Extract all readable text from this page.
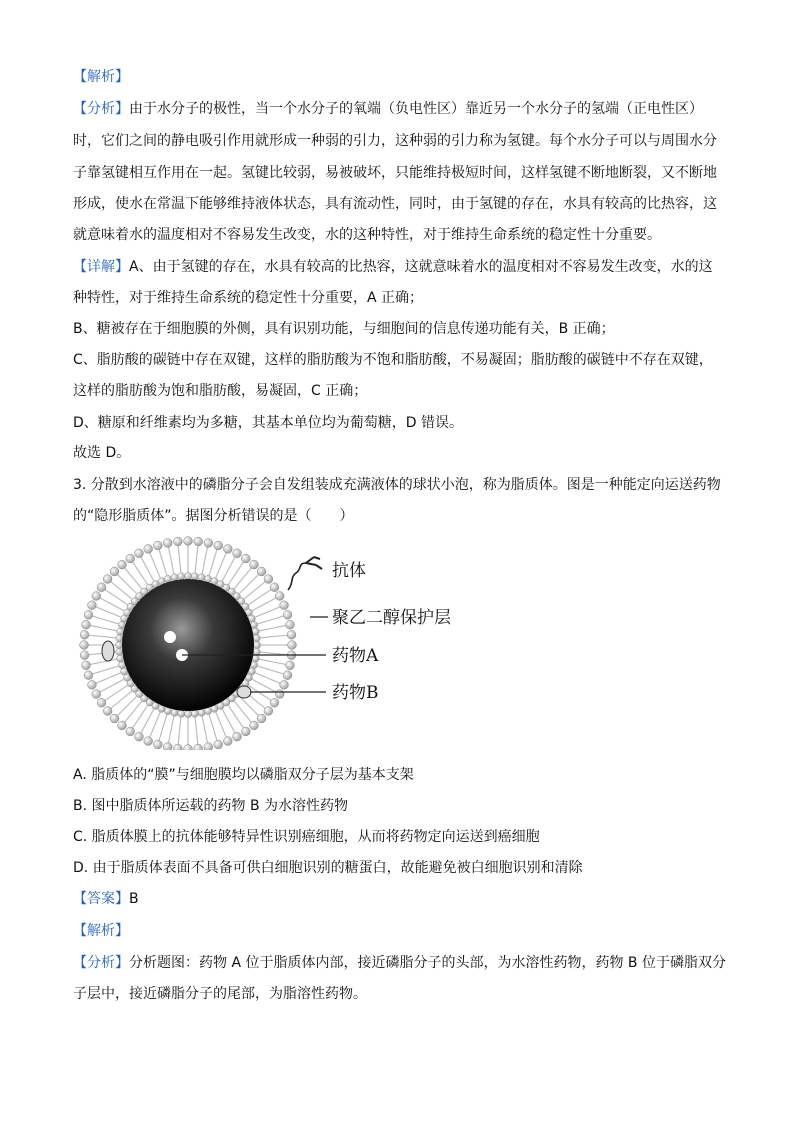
【解析】
【分析】由于水分子的极性，当一个水分子的氧端（负电性区）靠近另一个水分子的氢端（正电性区）
时，它们之间的静电吸引作用就形成一种弱的引力，这种弱的引力称为氢键。每个水分子可以与周围水分
子靠氢键相互作用在一起。氢键比较弱，易被破坏，只能维持极短时间，这样氢键不断地断裂，又不断地
形成，使水在常温下能够维持液体状态，具有流动性，同时，由于氢键的存在，水具有较高的比热容，这
就意味着水的温度相对不容易发生改变，水的这种特性，对于维持生命系统的稳定性十分重要。
【详解】A、由于氢键的存在，水具有较高的比热容，这就意味着水的温度相对不容易发生改变，水的这
种特性，对于维持生命系统的稳定性十分重要，A 正确；
B、糖被存在于细胞膜的外侧，具有识别功能，与细胞间的信息传递功能有关，B 正确；
C、脂肪酸的碳链中存在双键，这样的脂肪酸为不饱和脂肪酸，不易凝固；脂肪酸的碳链中不存在双键，
这样的脂肪酸为饱和脂肪酸，易凝固，C 正确；
D、糖原和纤维素均为多糖，其基本单位均为葡萄糖，D 错误。
故选 D。
3. 分散到水溶液中的磷脂分子会自发组装成充满液体的球状小泡，称为脂质体。图是一种能定向运送药物
的“隐形脂质体”。据图分析错误的是（　　）
抗体
聚乙二醇保护层
药物A
药物B
A. 脂质体的“膜”与细胞膜均以磷脂双分子层为基本支架
B. 图中脂质体所运载的药物 B 为水溶性药物
C. 脂质体膜上的抗体能够特异性识别癌细胞，从而将药物定向运送到癌细胞
D. 由于脂质体表面不具备可供白细胞识别的糖蛋白，故能避免被白细胞识别和清除
【答案】B
【解析】
【分析】分析题图：药物 A 位于脂质体内部，接近磷脂分子的头部，为水溶性药物，药物 B 位于磷脂双分
子层中，接近磷脂分子的尾部，为脂溶性药物。
